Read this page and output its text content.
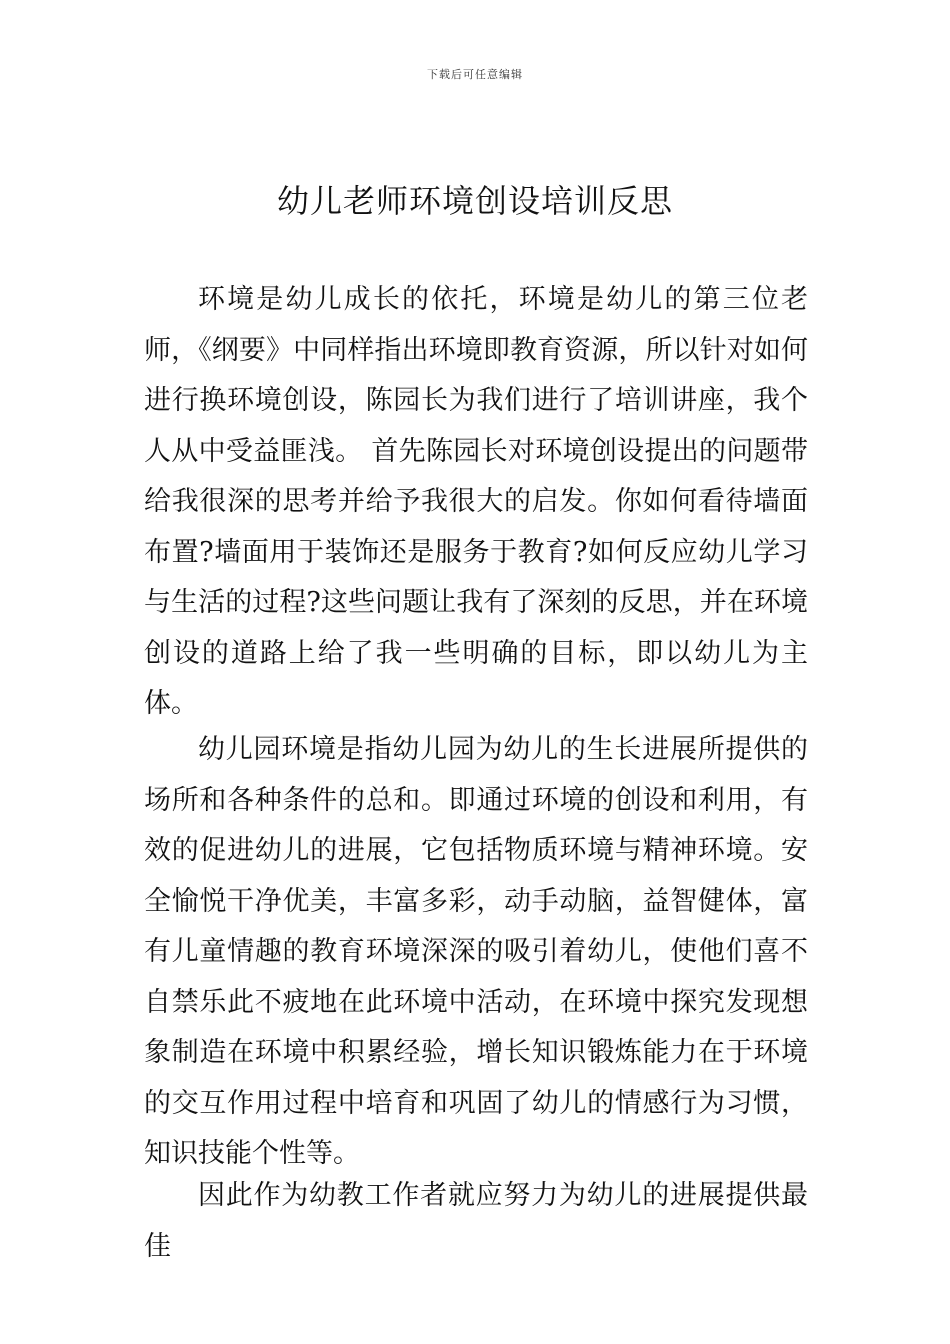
下载后可任意编辑
幼儿老师环境创设培训反思

环境是幼儿成长的依托，环境是幼儿的第三位老师，《纲要》中同样指出环境即教育资源，所以针对如何进行换环境创设，陈园长为我们进行了培训讲座，我个人从中受益匪浅。 首先陈园长对环境创设提出的问题带给我很深的思考并给予我很大的启发。你如何看待墙面布置?墙面用于装饰还是服务于教育?如何反应幼儿学习与生活的过程?这些问题让我有了深刻的反思，并在环境创设的道路上给了我一些明确的目标，即以幼儿为主体。

幼儿园环境是指幼儿园为幼儿的生长进展所提供的场所和各种条件的总和。即通过环境的创设和利用，有效的促进幼儿的进展，它包括物质环境与精神环境。安全愉悦干净优美，丰富多彩，动手动脑，益智健体，富有儿童情趣的教育环境深深的吸引着幼儿，使他们喜不自禁乐此不疲地在此环境中活动，在环境中探究发现想象制造在环境中积累经验，增长知识锻炼能力在于环境的交互作用过程中培育和巩固了幼儿的情感行为习惯，知识技能个性等。

因此作为幼教工作者就应努力为幼儿的进展提供最佳
